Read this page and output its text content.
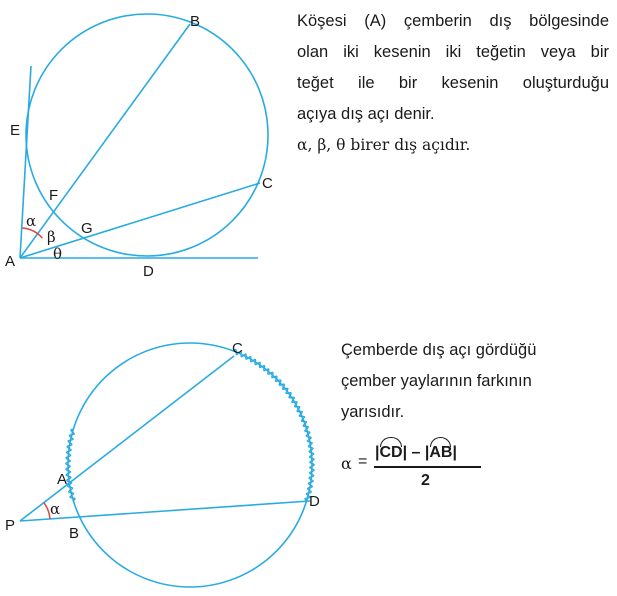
B
E
C
F
G
A
D
α
β
θ
C
A
D
P	B
α
Köşesi (A) çemberin dış bölgesinde
olan iki kesenin iki teğetin veya bir
teğet ile bir kesenin oluşturduğu
açıya dış açı denir.
α, β, θ birer dış açıdır.
Çemberde dış açı gördüğü
çember yaylarının farkının
yarısıdır.
α =
|CD| – |AB|
2
